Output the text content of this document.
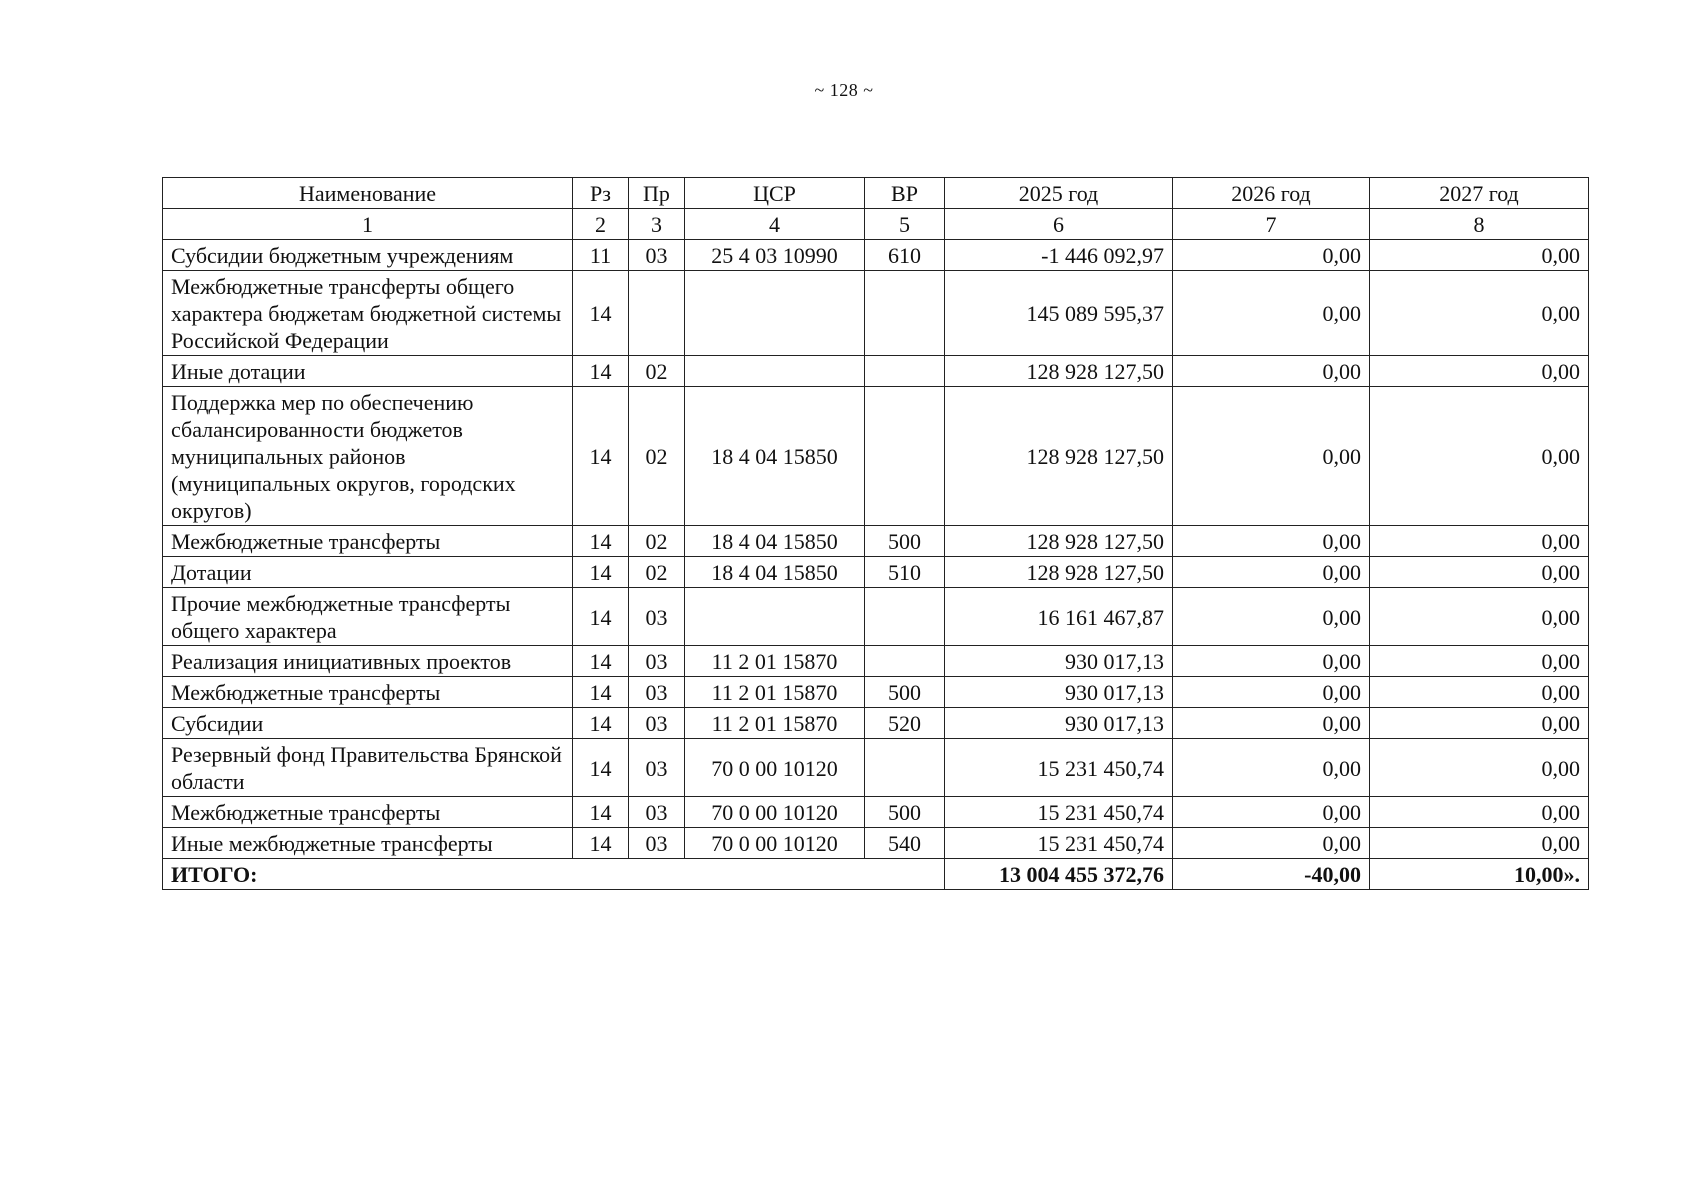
~ 128 ~
Наименование	Рз	Пр	ЦСР	ВР	2025 год	2026 год	2027 год
1	2	3	4	5	6	7	8
Субсидии бюджетным учреждениям	11	03	25 4 03 10990	610	-1 446 092,97	0,00	0,00
Межбюджетные трансферты общего характера бюджетам бюджетной системы Российской Федерации	14				145 089 595,37	0,00	0,00
Иные дотации	14	02			128 928 127,50	0,00	0,00
Поддержка мер по обеспечению сбалансированности бюджетов муниципальных районов (муниципальных округов, городских округов)	14	02	18 4 04 15850		128 928 127,50	0,00	0,00
Межбюджетные трансферты	14	02	18 4 04 15850	500	128 928 127,50	0,00	0,00
Дотации	14	02	18 4 04 15850	510	128 928 127,50	0,00	0,00
Прочие межбюджетные трансферты общего характера	14	03			16 161 467,87	0,00	0,00
Реализация инициативных проектов	14	03	11 2 01 15870		930 017,13	0,00	0,00
Межбюджетные трансферты	14	03	11 2 01 15870	500	930 017,13	0,00	0,00
Субсидии	14	03	11 2 01 15870	520	930 017,13	0,00	0,00
Резервный фонд Правительства Брянской области	14	03	70 0 00 10120		15 231 450,74	0,00	0,00
Межбюджетные трансферты	14	03	70 0 00 10120	500	15 231 450,74	0,00	0,00
Иные межбюджетные трансферты	14	03	70 0 00 10120	540	15 231 450,74	0,00	0,00
ИТОГО:					13 004 455 372,76	-40,00	10,00».
